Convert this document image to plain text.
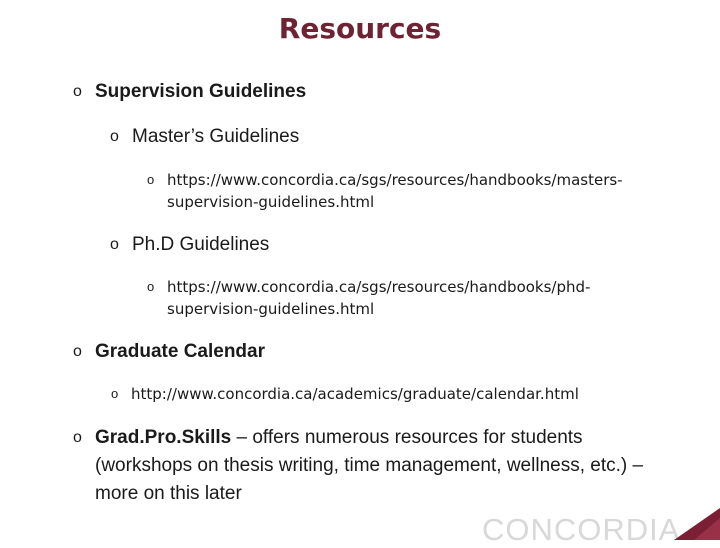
Resources
o Supervision Guidelines
o Master’s Guidelines
o https://www.concordia.ca/sgs/resources/handbooks/masters-
supervision-guidelines.html
o Ph.D Guidelines
o https://www.concordia.ca/sgs/resources/handbooks/phd-
supervision-guidelines.html
o Graduate Calendar
o http://www.concordia.ca/academics/graduate/calendar.html
o Grad.Pro.Skills – offers numerous resources for students
(workshops on thesis writing, time management, wellness, etc.) –
more on this later
CONCORDIA
